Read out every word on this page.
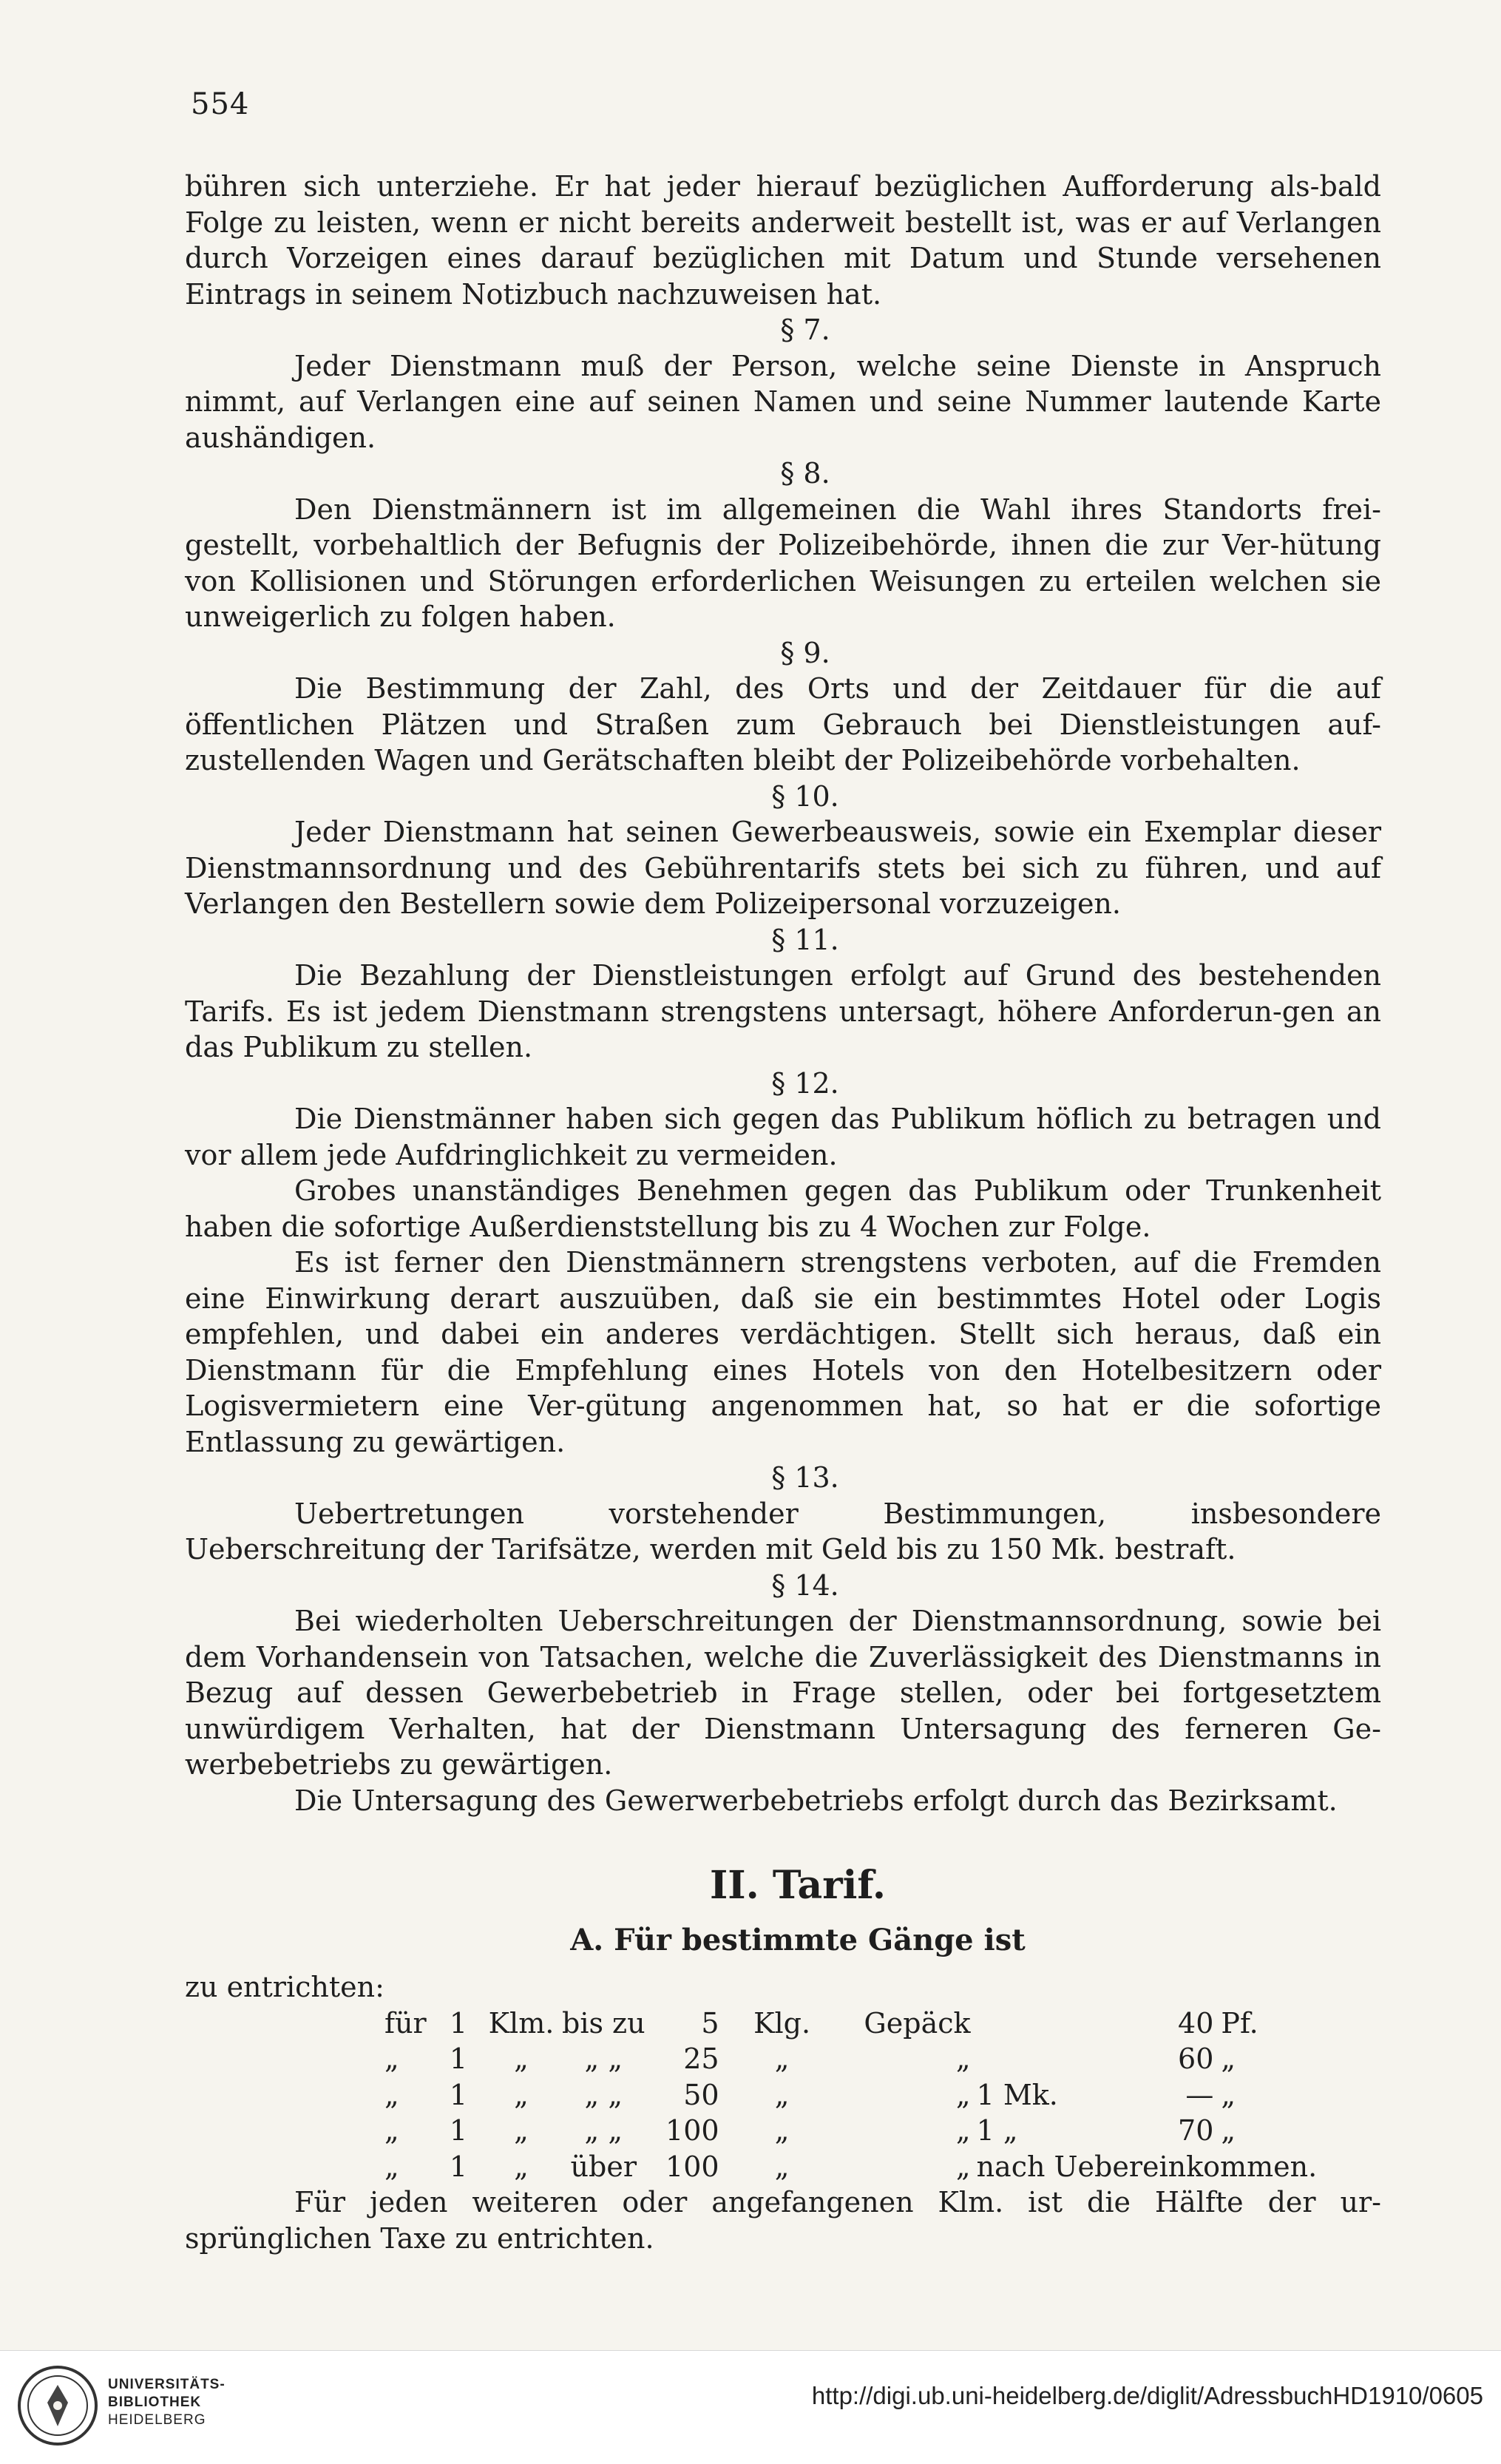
554

bühren sich unterziehe. Er hat jeder hierauf bezüglichen Aufforderung als-bald Folge zu leisten, wenn er nicht bereits anderweit bestellt ist, was er auf Verlangen durch Vorzeigen eines darauf bezüglichen mit Datum und Stunde versehenen Eintrags in seinem Notizbuch nachzuweisen hat.

§ 7.

Jeder Dienstmann muß der Person, welche seine Dienste in Anspruch nimmt, auf Verlangen eine auf seinen Namen und seine Nummer lautende Karte aushändigen.

§ 8.

Den Dienstmännern ist im allgemeinen die Wahl ihres Standorts frei-gestellt, vorbehaltlich der Befugnis der Polizeibehörde, ihnen die zur Ver-hütung von Kollisionen und Störungen erforderlichen Weisungen zu erteilen welchen sie unweigerlich zu folgen haben.

§ 9.

Die Bestimmung der Zahl, des Orts und der Zeitdauer für die auf öffentlichen Plätzen und Straßen zum Gebrauch bei Dienstleistungen auf-zustellenden Wagen und Gerätschaften bleibt der Polizeibehörde vorbehalten.

§ 10.

Jeder Dienstmann hat seinen Gewerbeausweis, sowie ein Exemplar dieser Dienstmannsordnung und des Gebührentarifs stets bei sich zu führen, und auf Verlangen den Bestellern sowie dem Polizeipersonal vorzuzeigen.

§ 11.

Die Bezahlung der Dienstleistungen erfolgt auf Grund des bestehenden Tarifs. Es ist jedem Dienstmann strengstens untersagt, höhere Anforderun-gen an das Publikum zu stellen.

§ 12.

Die Dienstmänner haben sich gegen das Publikum höflich zu betragen und vor allem jede Aufdringlichkeit zu vermeiden.

Grobes unanständiges Benehmen gegen das Publikum oder Trunkenheit haben die sofortige Außerdienststellung bis zu 4 Wochen zur Folge.

Es ist ferner den Dienstmännern strengstens verboten, auf die Fremden eine Einwirkung derart auszuüben, daß sie ein bestimmtes Hotel oder Logis empfehlen, und dabei ein anderes verdächtigen. Stellt sich heraus, daß ein Dienstmann für die Empfehlung eines Hotels von den Hotelbesitzern oder Logisvermietern eine Ver-gütung angenommen hat, so hat er die sofortige Entlassung zu gewärtigen.

§ 13.

Uebertretungen vorstehender Bestimmungen, insbesondere Ueberschreitung der Tarifsätze, werden mit Geld bis zu 150 Mk. bestraft.

§ 14.

Bei wiederholten Ueberschreitungen der Dienstmannsordnung, sowie bei dem Vorhandensein von Tatsachen, welche die Zuverlässigkeit des Dienstmanns in Bezug auf dessen Gewerbebetrieb in Frage stellen, oder bei fortgesetztem unwürdigem Verhalten, hat der Dienstmann Untersagung des ferneren Ge-werbebetriebs zu gewärtigen.

Die Untersagung des Gewerwerbebetriebs erfolgt durch das Bezirksamt.

II. Tarif.

A. Für bestimmte Gänge ist

zu entrichten:

für	1	Klm.	bis zu	5	Klg.	Gepäck		40	Pf.
„	1	„	„ „	25	„	„		60	„
„	1	„	„ „	50	„	„	1 Mk.	—	„
„	1	„	„ „	100	„	„	1 „	70	„
„	1	„	über	100	„	„	nach Uebereinkommen.		

Für jeden weiteren oder angefangenen Klm. ist die Hälfte der ur-sprünglichen Taxe zu entrichten.

UNIVERSITÄTS-
BIBLIOTHEK
HEIDELBERG
http://digi.ub.uni-heidelberg.de/diglit/AdressbuchHD1910/0605
